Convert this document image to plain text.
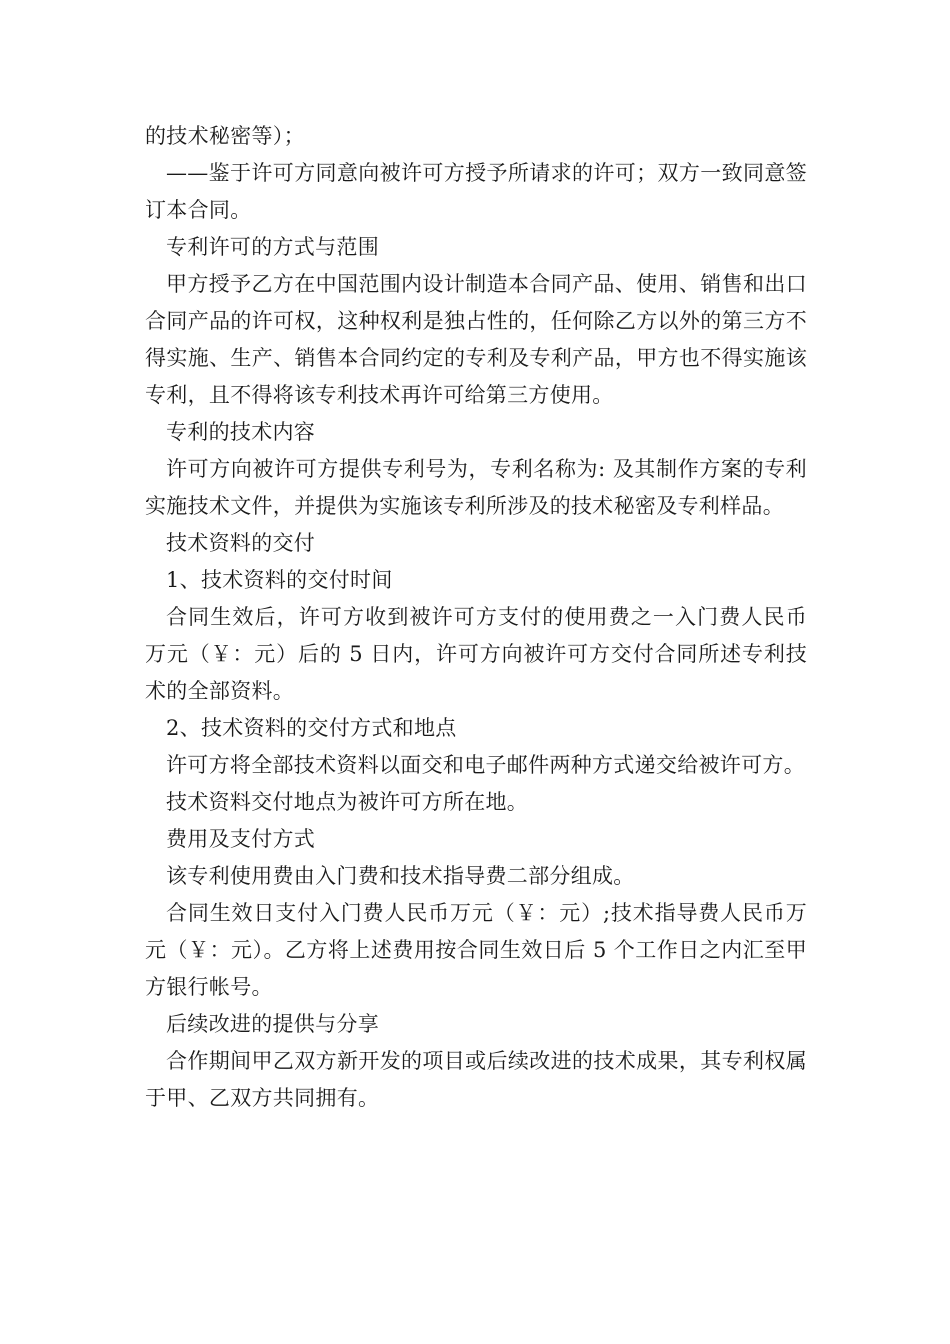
的技术秘密等）；

——鉴于许可方同意向被许可方授予所请求的许可；双方一致同意签订本合同。

专利许可的方式与范围

甲方授予乙方在中国范围内设计制造本合同产品、使用、销售和出口合同产品的许可权，这种权利是独占性的，任何除乙方以外的第三方不得实施、生产、销售本合同约定的专利及专利产品，甲方也不得实施该专利，且不得将该专利技术再许可给第三方使用。

专利的技术内容

许可方向被许可方提供专利号为，专利名称为: 及其制作方案的专利实施技术文件，并提供为实施该专利所涉及的技术秘密及专利样品。

技术资料的交付

1、技术资料的交付时间

合同生效后，许可方收到被许可方支付的使用费之一入门费人民币 万元（￥：元）后的 5 日内，许可方向被许可方交付合同所述专利技术的全部资料。

2、技术资料的交付方式和地点

许可方将全部技术资料以面交和电子邮件两种方式递交给被许可方。

技术资料交付地点为被许可方所在地。

费用及支付方式

该专利使用费由入门费和技术指导费二部分组成。

合同生效日支付入门费人民币万元（￥：元）;技术指导费人民币万元（￥：元）。乙方将上述费用按合同生效日后 5 个工作日之内汇至甲方银行帐号。

后续改进的提供与分享

合作期间甲乙双方新开发的项目或后续改进的技术成果，其专利权属于甲、乙双方共同拥有。
